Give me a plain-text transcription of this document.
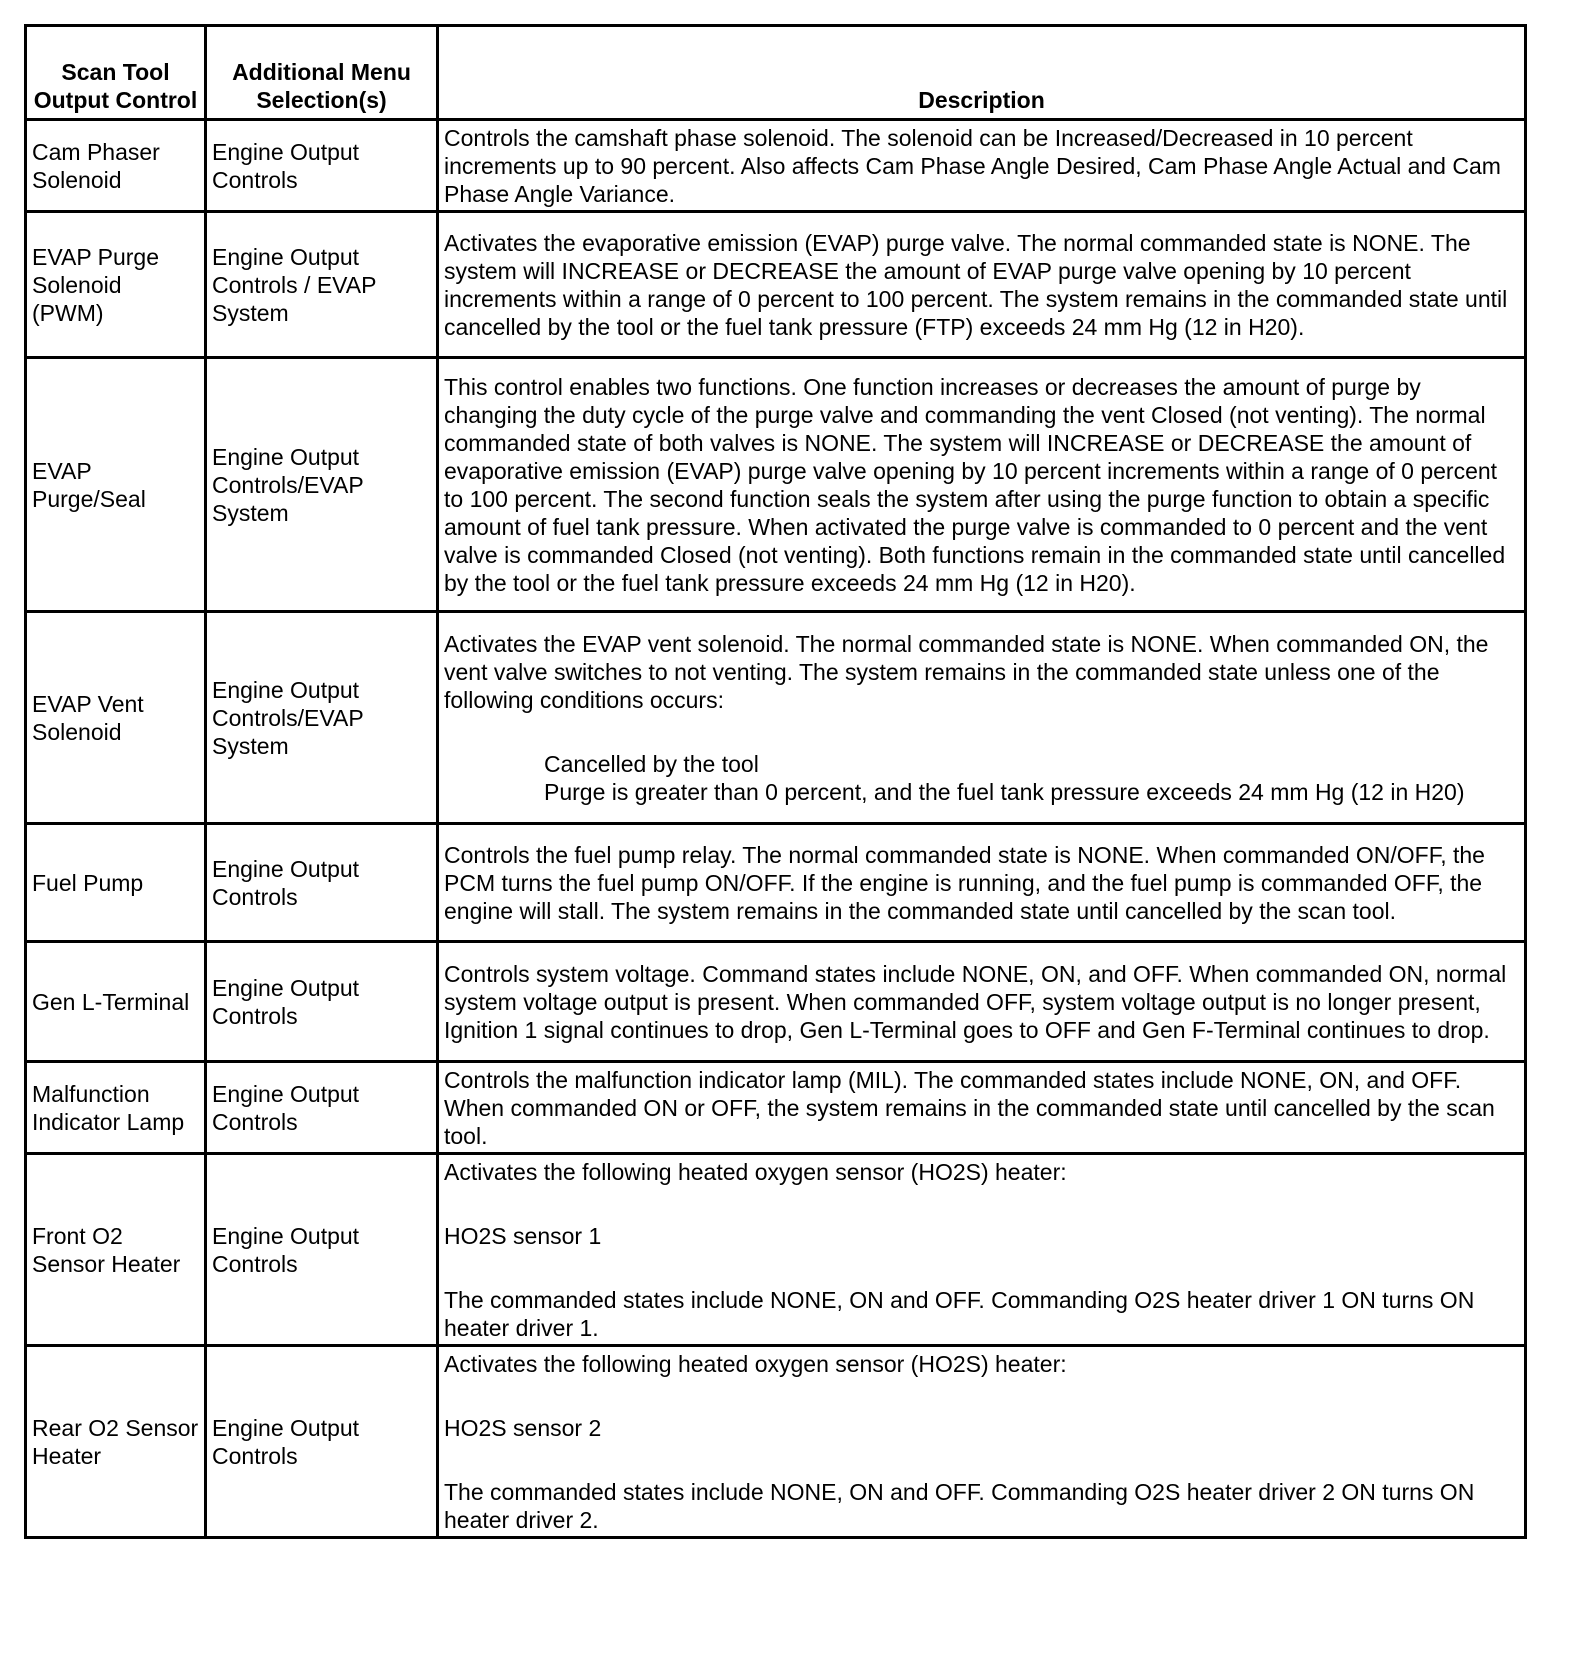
Scan Tool Output Control	Additional Menu Selection(s)	Description
Cam Phaser Solenoid	Engine Output Controls	Controls the camshaft phase solenoid. The solenoid can be Increased/Decreased in 10 percent increments up to 90 percent. Also affects Cam Phase Angle Desired, Cam Phase Angle Actual and Cam Phase Angle Variance.

EVAP Purge Solenoid (PWM)	Engine Output Controls / EVAP System	Activates the evaporative emission (EVAP) purge valve. The normal commanded state is NONE. The system will INCREASE or DECREASE the amount of EVAP purge valve opening by 10 percent increments within a range of 0 percent to 100 percent. The system remains in the commanded state until cancelled by the tool or the fuel tank pressure (FTP) exceeds 24 mm Hg (12 in H20).

EVAP Purge/Seal	Engine Output Controls/EVAP System	This control enables two functions. One function increases or decreases the amount of purge by changing the duty cycle of the purge valve and commanding the vent Closed (not venting). The normal commanded state of both valves is NONE. The system will INCREASE or DECREASE the amount of evaporative emission (EVAP) purge valve opening by 10 percent increments within a range of 0 percent to 100 percent. The second function seals the system after using the purge function to obtain a specific amount of fuel tank pressure. When activated the purge valve is commanded to 0 percent and the vent valve is commanded Closed (not venting). Both functions remain in the commanded state until cancelled by the tool or the fuel tank pressure exceeds 24 mm Hg (12 in H20).

EVAP Vent Solenoid	Engine Output Controls/EVAP System	Activates the EVAP vent solenoid. The normal commanded state is NONE. When commanded ON, the vent valve switches to not venting. The system remains in the commanded state unless one of the following conditions occurs:
Cancelled by the tool
Purge is greater than 0 percent, and the fuel tank pressure exceeds 24 mm Hg (12 in H20)

Fuel Pump	Engine Output Controls	Controls the fuel pump relay. The normal commanded state is NONE. When commanded ON/OFF, the PCM turns the fuel pump ON/OFF. If the engine is running, and the fuel pump is commanded OFF, the engine will stall. The system remains in the commanded state until cancelled by the scan tool.

Gen L-Terminal	Engine Output Controls	Controls system voltage. Command states include NONE, ON, and OFF. When commanded ON, normal system voltage output is present. When commanded OFF, system voltage output is no longer present, Ignition 1 signal continues to drop, Gen L-Terminal goes to OFF and Gen F-Terminal continues to drop.

Malfunction Indicator Lamp	Engine Output Controls	Controls the malfunction indicator lamp (MIL). The commanded states include NONE, ON, and OFF. When commanded ON or OFF, the system remains in the commanded state until cancelled by the scan tool.

Front O2 Sensor Heater	Engine Output Controls	Activates the following heated oxygen sensor (HO2S) heater:
HO2S sensor 1
The commanded states include NONE, ON and OFF. Commanding O2S heater driver 1 ON turns ON heater driver 1.

Rear O2 Sensor Heater	Engine Output Controls	Activates the following heated oxygen sensor (HO2S) heater:
HO2S sensor 2
The commanded states include NONE, ON and OFF. Commanding O2S heater driver 2 ON turns ON heater driver 2.
